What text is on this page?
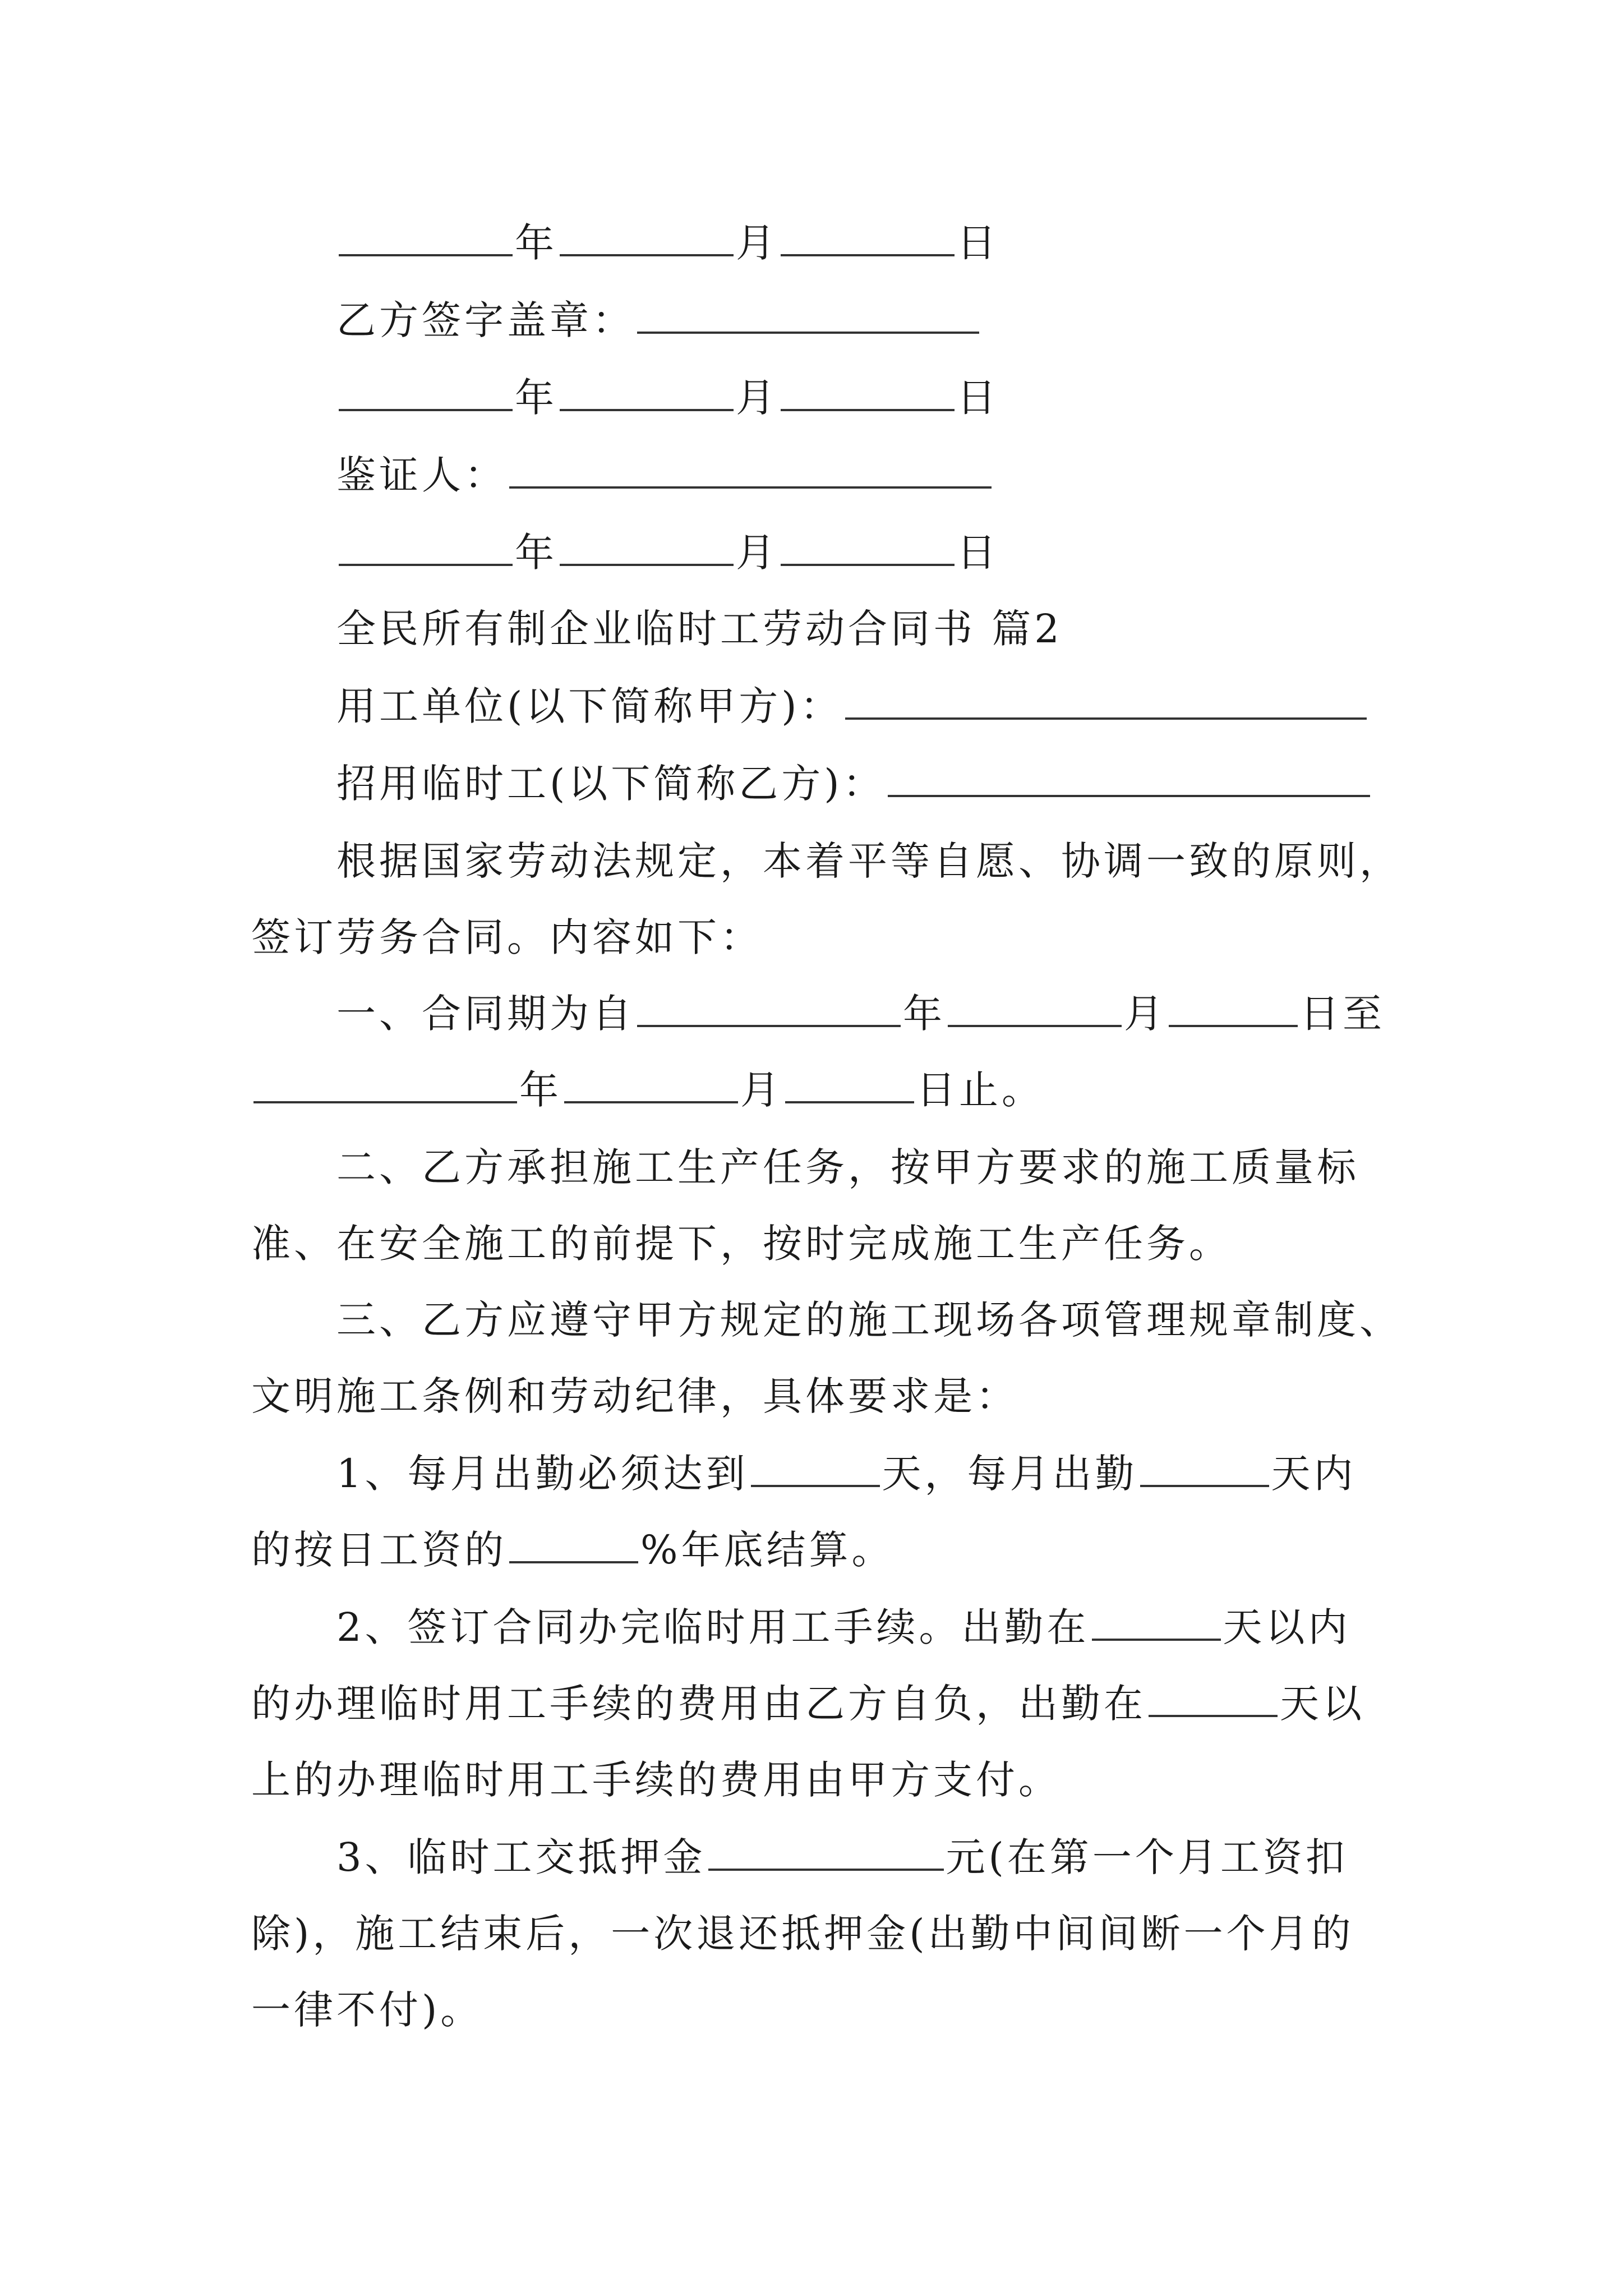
年	月	日
乙方签字盖章：
年	月	日
鉴证人：
年	月	日
全民所有制企业临时工劳动合同书 篇2
用工单位(以下简称甲方)：
招用临时工(以下简称乙方)：
根据国家劳动法规定，本着平等自愿、协调一致的原则，
签订劳务合同。内容如下：
一、合同期为自	年	月	日至
年	月	日止。
二、乙方承担施工生产任务，按甲方要求的施工质量标
准、在安全施工的前提下，按时完成施工生产任务。
三、乙方应遵守甲方规定的施工现场各项管理规章制度、
文明施工条例和劳动纪律，具体要求是：
1、每月出勤必须达到	天，每月出勤	天内
的按日工资的	%年底结算。
2、签订合同办完临时用工手续。出勤在	天以内
的办理临时用工手续的费用由乙方自负，出勤在	天以
上的办理临时用工手续的费用由甲方支付。
3、临时工交抵押金	元(在第一个月工资扣
除)，施工结束后，一次退还抵押金(出勤中间间断一个月的
一律不付)。
